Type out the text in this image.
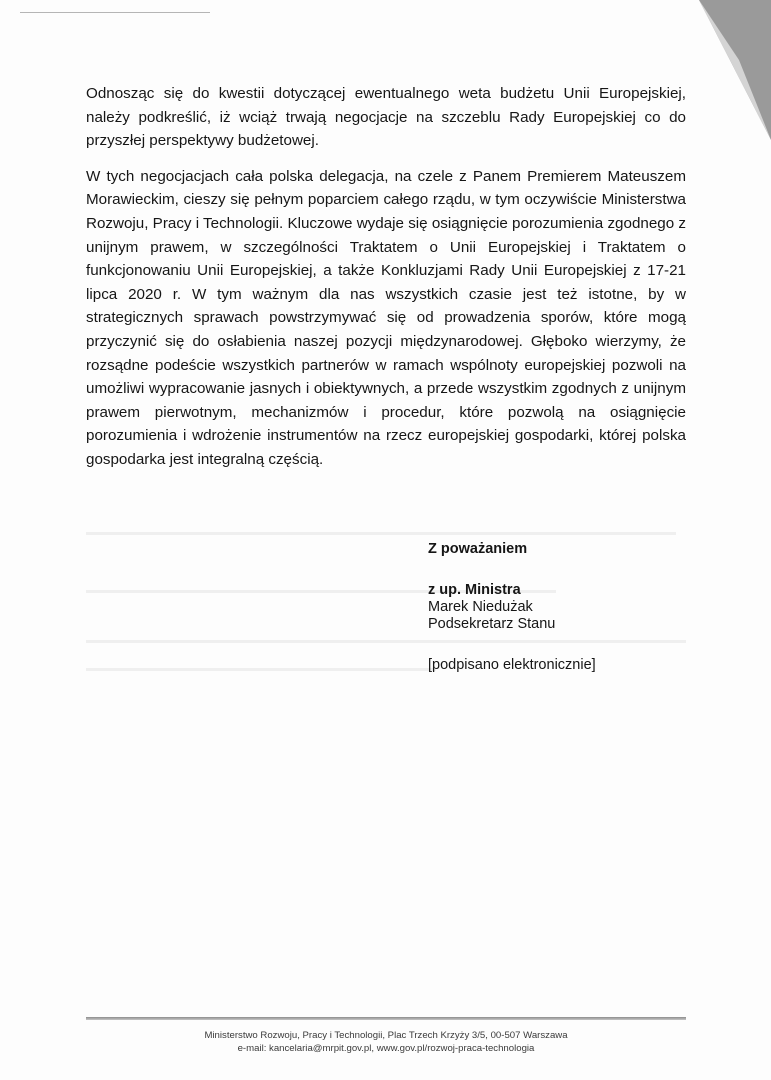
Odnosząc się do kwestii dotyczącej ewentualnego weta budżetu Unii Europejskiej, należy podkreślić, iż wciąż trwają negocjacje na szczeblu Rady Europejskiej co do przyszłej perspektywy budżetowej.

W tych negocjacjach cała polska delegacja, na czele z Panem Premierem Mateuszem Morawieckim, cieszy się pełnym poparciem całego rządu, w tym oczywiście Ministerstwa Rozwoju, Pracy i Technologii. Kluczowe wydaje się osiągnięcie porozumienia zgodnego z unijnym prawem, w szczególności Traktatem o Unii Europejskiej i Traktatem o funkcjonowaniu Unii Europejskiej, a także Konkluzjami Rady Unii Europejskiej z 17-21 lipca 2020 r. W tym ważnym dla nas wszystkich czasie jest też istotne, by w strategicznych sprawach powstrzymywać się od prowadzenia sporów, które mogą przyczynić się do osłabienia naszej pozycji międzynarodowej. Głęboko wierzymy, że rozsądne podeście wszystkich partnerów w ramach wspólnoty europejskiej pozwoli na umożliwi wypracowanie jasnych i obiektywnych, a przede wszystkim zgodnych z unijnym prawem pierwotnym, mechanizmów i procedur, które pozwolą na osiągnięcie porozumienia i wdrożenie instrumentów na rzecz europejskiej gospodarki, której polska gospodarka jest integralną częścią.

Z poważaniem
z up. Ministra
Marek Niedużak
Podsekretarz Stanu
[podpisano elektronicznie]
Ministerstwo Rozwoju, Pracy i Technologii, Plac Trzech Krzyży 3/5, 00-507 Warszawa
e-mail: kancelaria@mrpit.gov.pl, www.gov.pl/rozwoj-praca-technologia
